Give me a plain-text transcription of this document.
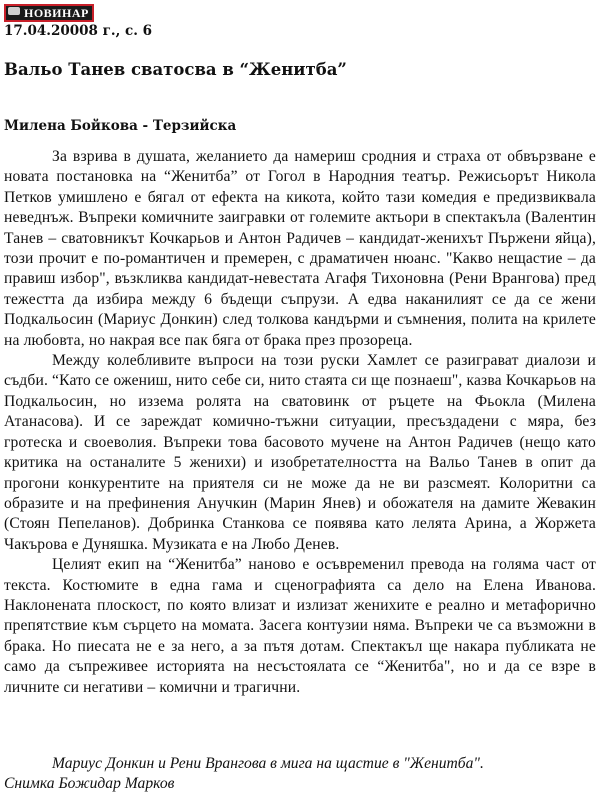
НОВИНАР
17.04.20008 г., с. 6
Вальо Танев сватосва в “Женитба”
Милена Бойкова - Терзийска

За взрива в душата, желанието да намериш сродния и страха от обвързване е новата постановка на “Женитба” от Гогол в Народния театър. Режисьорът Никола Петков умишлено е бягал от ефекта на кикота, който тази комедия е предизвиквала неведнъж. Въпреки комичните заигравки от големите актьори в спектакъла (Валентин Танев – сватовникът Кочкарьов и Антон Радичев – кандидат-женихът Пържени яйца), този прочит е по-романтичен и премерен, с драматичен нюанс. "Какво нещастие – да правиш избор", възкликва кандидат-невестата Агафя Тихоновна (Рени Врангова) пред тежестта да избира между 6 бъдещи съпрузи. А едва наканилият се да се жени Подкальосин (Мариус Донкин) след толкова кандърми и съмнения, полита на крилете на любовта, но накрая все пак бяга от брака през прозореца.

Между колебливите въпроси на този руски Хамлет се разиграват диалози и съдби. “Като се ожениш, нито себе си, нито стаята си ще познаеш", казва Кочкарьов на Подкальосин, но иззема ролята на сватовинк от ръцете на Фьокла (Милена Атанасова). И се зареждат комично-тъжни ситуации, пресъздадени с мяра, без гротеска и своеволия. Въпреки това басовото мучене на Антон Радичев (нещо като критика на останалите 5 жениxи) и изобретателността на Вальо Танев в опит да прогони конкурентите на приятеля си не може да не ви разсмеят. Колоритни са образите и на префинения Анучкин (Марин Янев) и обожателя на дамите Жевакин (Стоян Пепеланов). Добринка Станкова се появява като лелята Арина, а Жоржета Чакърова е Дуняшка. Музиката е на Любо Денев.

Целият екип на “Женитба” наново е осъвременил превода на голяма част от текста. Костюмите в една гама и сценографията са дело на Елена Иванова. Наклонената плоскост, по която влизат и излизат жениxите е реално и метафорично препятствие към сърцето на момата. Засега контузии няма. Въпреки че са възможни в брака. Но пиесата не е за него, а за пътя дотам. Спектакъл ще накара публиката не само да съпреживее историята на несъстоялата се “Женитба", но и да се взре в личните си негативи – комични и трагични.

Мариус Донкин и Рени Врангова в мига на щастие в "Женитба".
Снимка Божидар Марков
